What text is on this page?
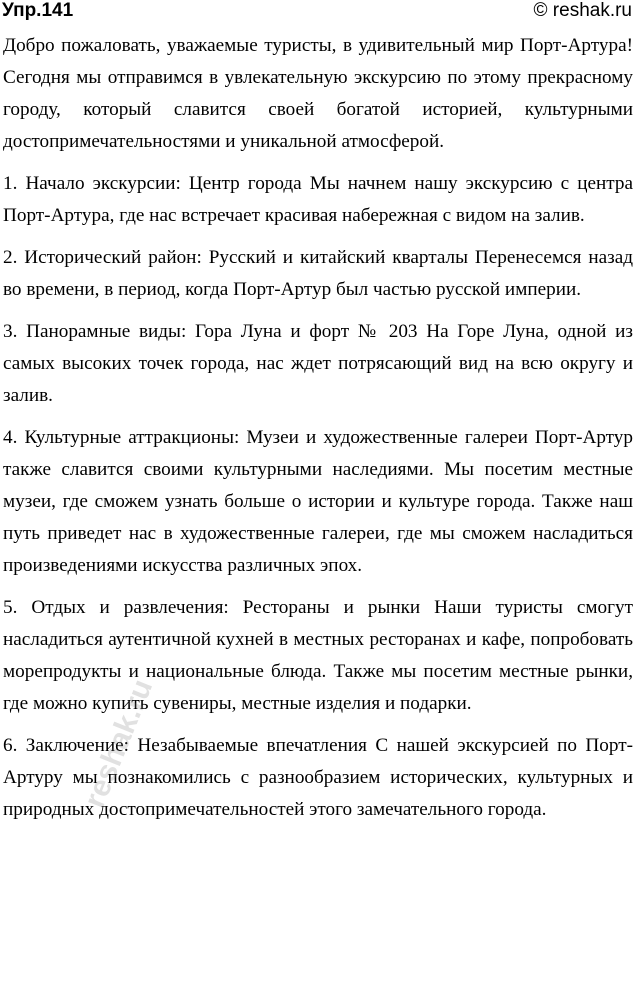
Упр.141	© reshak.ru

Добро пожаловать, уважаемые туристы, в удивительный мир Порт-Артура! Сегодня мы отправимся в увлекательную экскурсию по этому прекрасному городу, который славится своей богатой историей, культурными достопримечательностями и уникальной атмосферой.

1. Начало экскурсии: Центр города Мы начнем нашу экскурсию с центра Порт-Артура, где нас встречает красивая набережная с видом на залив.

2. Исторический район: Русский и китайский кварталы Перенесемся назад во времени, в период, когда Порт-Артур был частью русской империи.

3. Панорамные виды: Гора Луна и форт № 203 На Горе Луна, одной из самых высоких точек города, нас ждет потрясающий вид на всю округу и залив.

4. Культурные аттракционы: Музеи и художественные галереи Порт-Артур также славится своими культурными наследиями. Мы посетим местные музеи, где сможем узнать больше о истории и культуре города. Также наш путь приведет нас в художественные галереи, где мы сможем насладиться произведениями искусства различных эпох.

5. Отдых и развлечения: Рестораны и рынки Наши туристы смогут насладиться аутентичной кухней в местных ресторанах и кафе, попробовать морепродукты и национальные блюда. Также мы посетим местные рынки, где можно купить сувениры, местные изделия и подарки.

6. Заключение: Незабываемые впечатления С нашей экскурсией по Порт-Артуру мы познакомились с разнообразием исторических, культурных и природных достопримечательностей этого замечательного города.

reshak.ru
